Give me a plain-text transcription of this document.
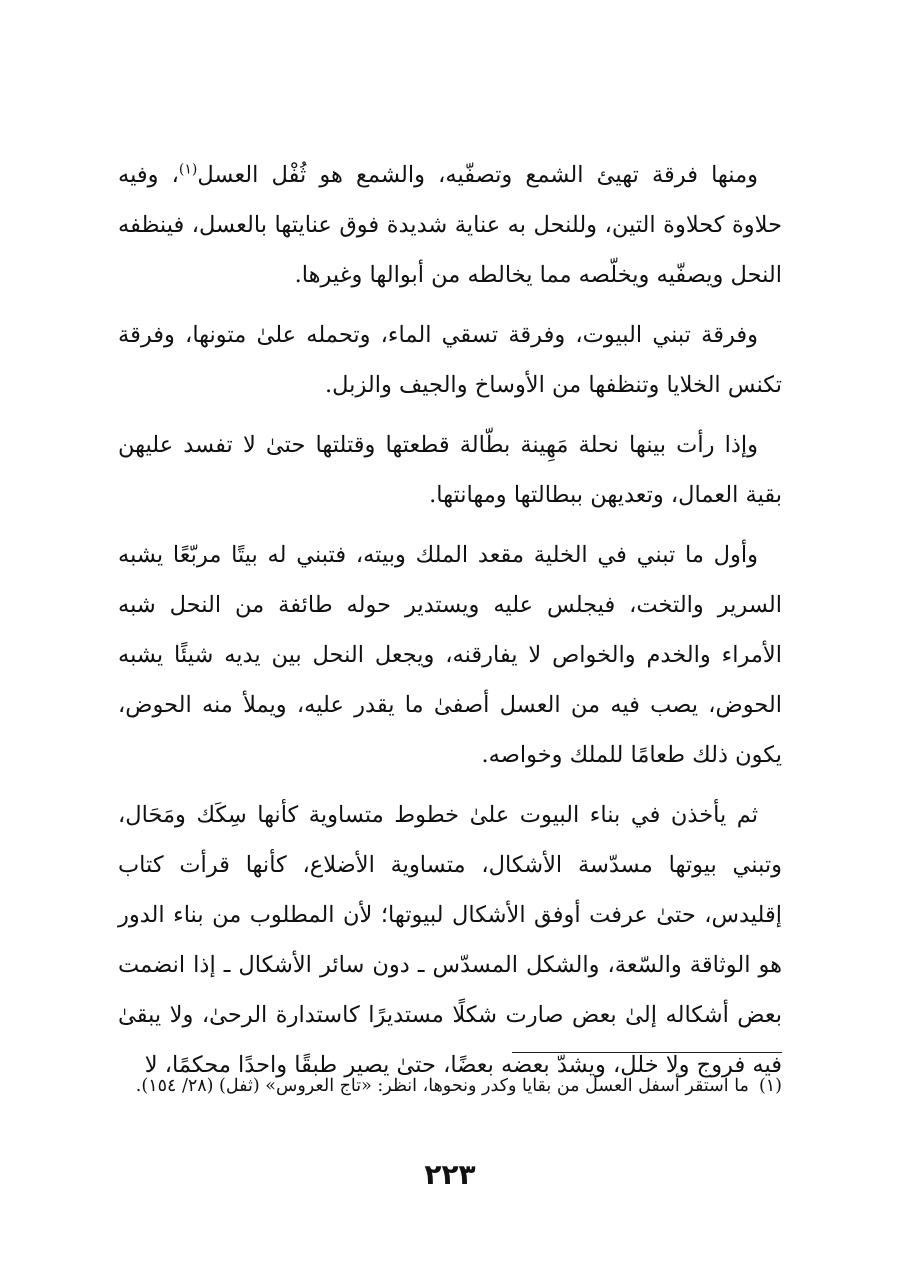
ومنها فرقة تهيئ الشمع وتصفّيه، والشمع هو ثُفْل العسل$^{(١)}$، وفيه حلاوة كحلاوة التين، وللنحل به عناية شديدة فوق عنايتها بالعسل، فينظفه النحل ويصفّيه ويخلّصه مما يخالطه من أبوالها وغيرها.

وفرقة تبني البيوت، وفرقة تسقي الماء، وتحمله علىٰ متونها، وفرقة تكنس الخلايا وتنظفها من الأوساخ والجيف والزبل.

وإذا رأت بينها نحلة مَهِينة بطّالة قطعتها وقتلتها حتىٰ لا تفسد عليهن بقية العمال، وتعديهن ببطالتها ومهانتها.

وأول ما تبني في الخلية مقعد الملك وبيته، فتبني له بيتًا مربّعًا يشبه السرير والتخت، فيجلس عليه ويستدير حوله طائفة من النحل شبه الأمراء والخدم والخواص لا يفارقنه، ويجعل النحل بين يديه شيئًا يشبه الحوض، يصب فيه من العسل أصفىٰ ما يقدر عليه، ويملأ منه الحوض، يكون ذلك طعامًا للملك وخواصه.

ثم يأخذن في بناء البيوت علىٰ خطوط متساوية كأنها سِكَك ومَحَال، وتبني بيوتها مسدّسة الأشكال، متساوية الأضلاع، كأنها قرأت كتاب إقليدس، حتىٰ عرفت أوفق الأشكال لبيوتها؛ لأن المطلوب من بناء الدور هو الوثاقة والسّعة، والشكل المسدّس ـ دون سائر الأشكال ـ إذا انضمت بعض أشكاله إلىٰ بعض صارت شكلًا مستديرًا كاستدارة الرحىٰ، ولا يبقىٰ فيه فروج ولا خلل، ويشدّ بعضه بعضًا، حتىٰ يصير طبقًا واحدًا محكمًا، لا

(١)ما استقر أسفل العسل من بقايا وكدر ونحوها، انظر: «تاج العروس» (ثفل) (٢٨/ ١٥٤).
٢٢٣
